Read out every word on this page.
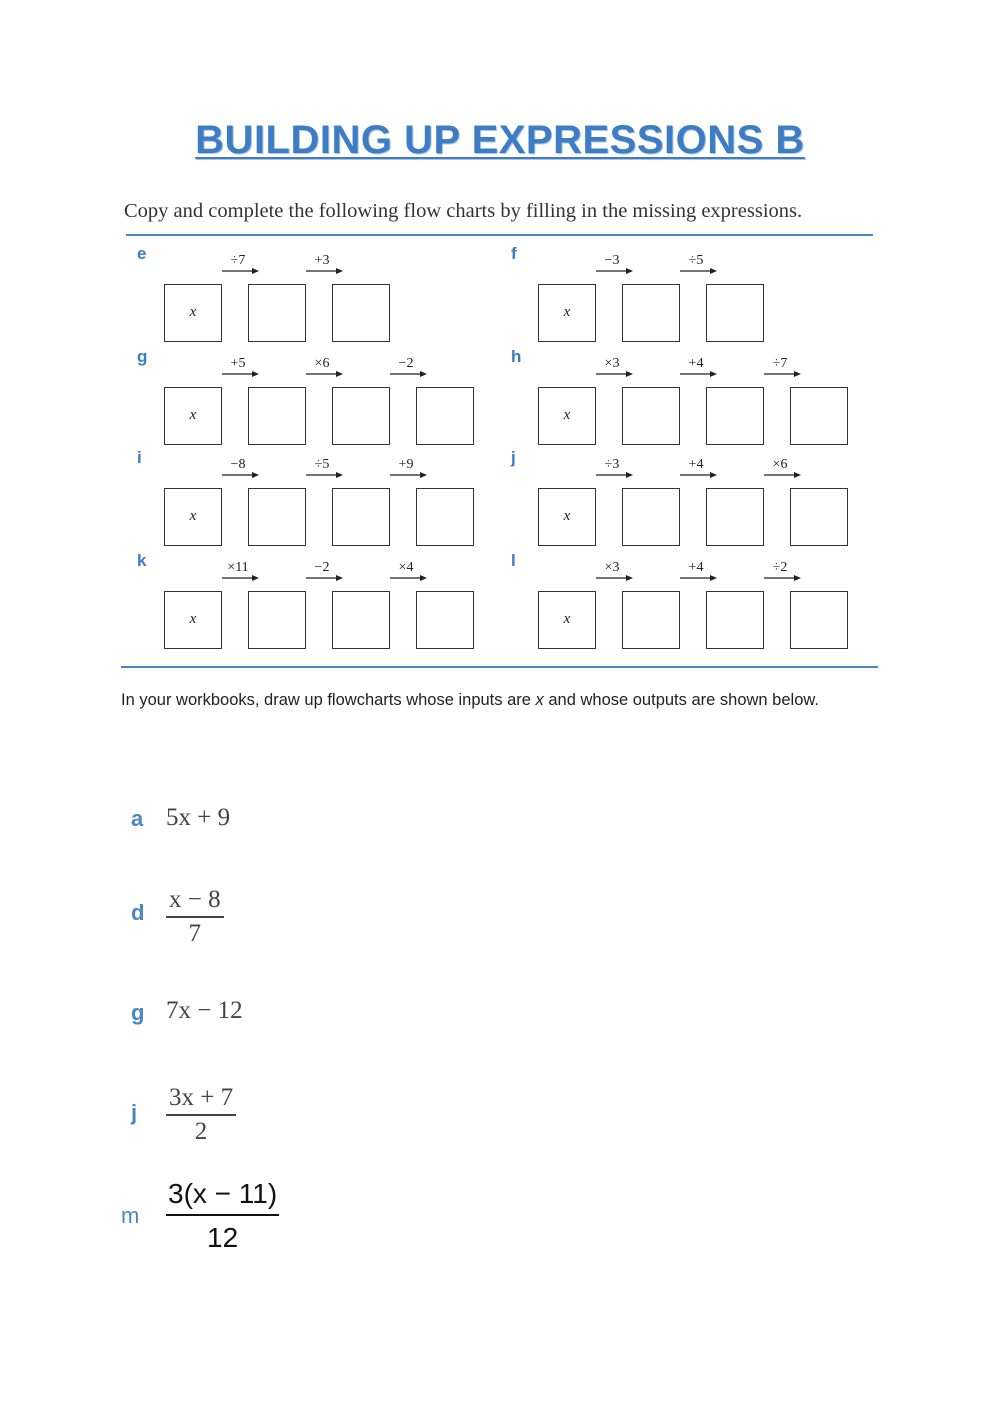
BUILDING UP EXPRESSIONS B
Copy and complete the following flow charts by filling in the missing expressions.
e
x
÷7	+3	f
x
−3	÷5
g
x
+5	×6	−2	h
x
×3	+4	÷7
i
x
−8	÷5	+9	j
x
÷3	+4	×6
k
x
×11	−2	×4	l
x
×3	+4	÷2
In your workbooks, draw up flowcharts whose inputs are x and whose outputs are shown below.
a 5x + 9
d x − 8
7
g 7x − 12
j
3x + 7
2
m
3(x − 11)
12
